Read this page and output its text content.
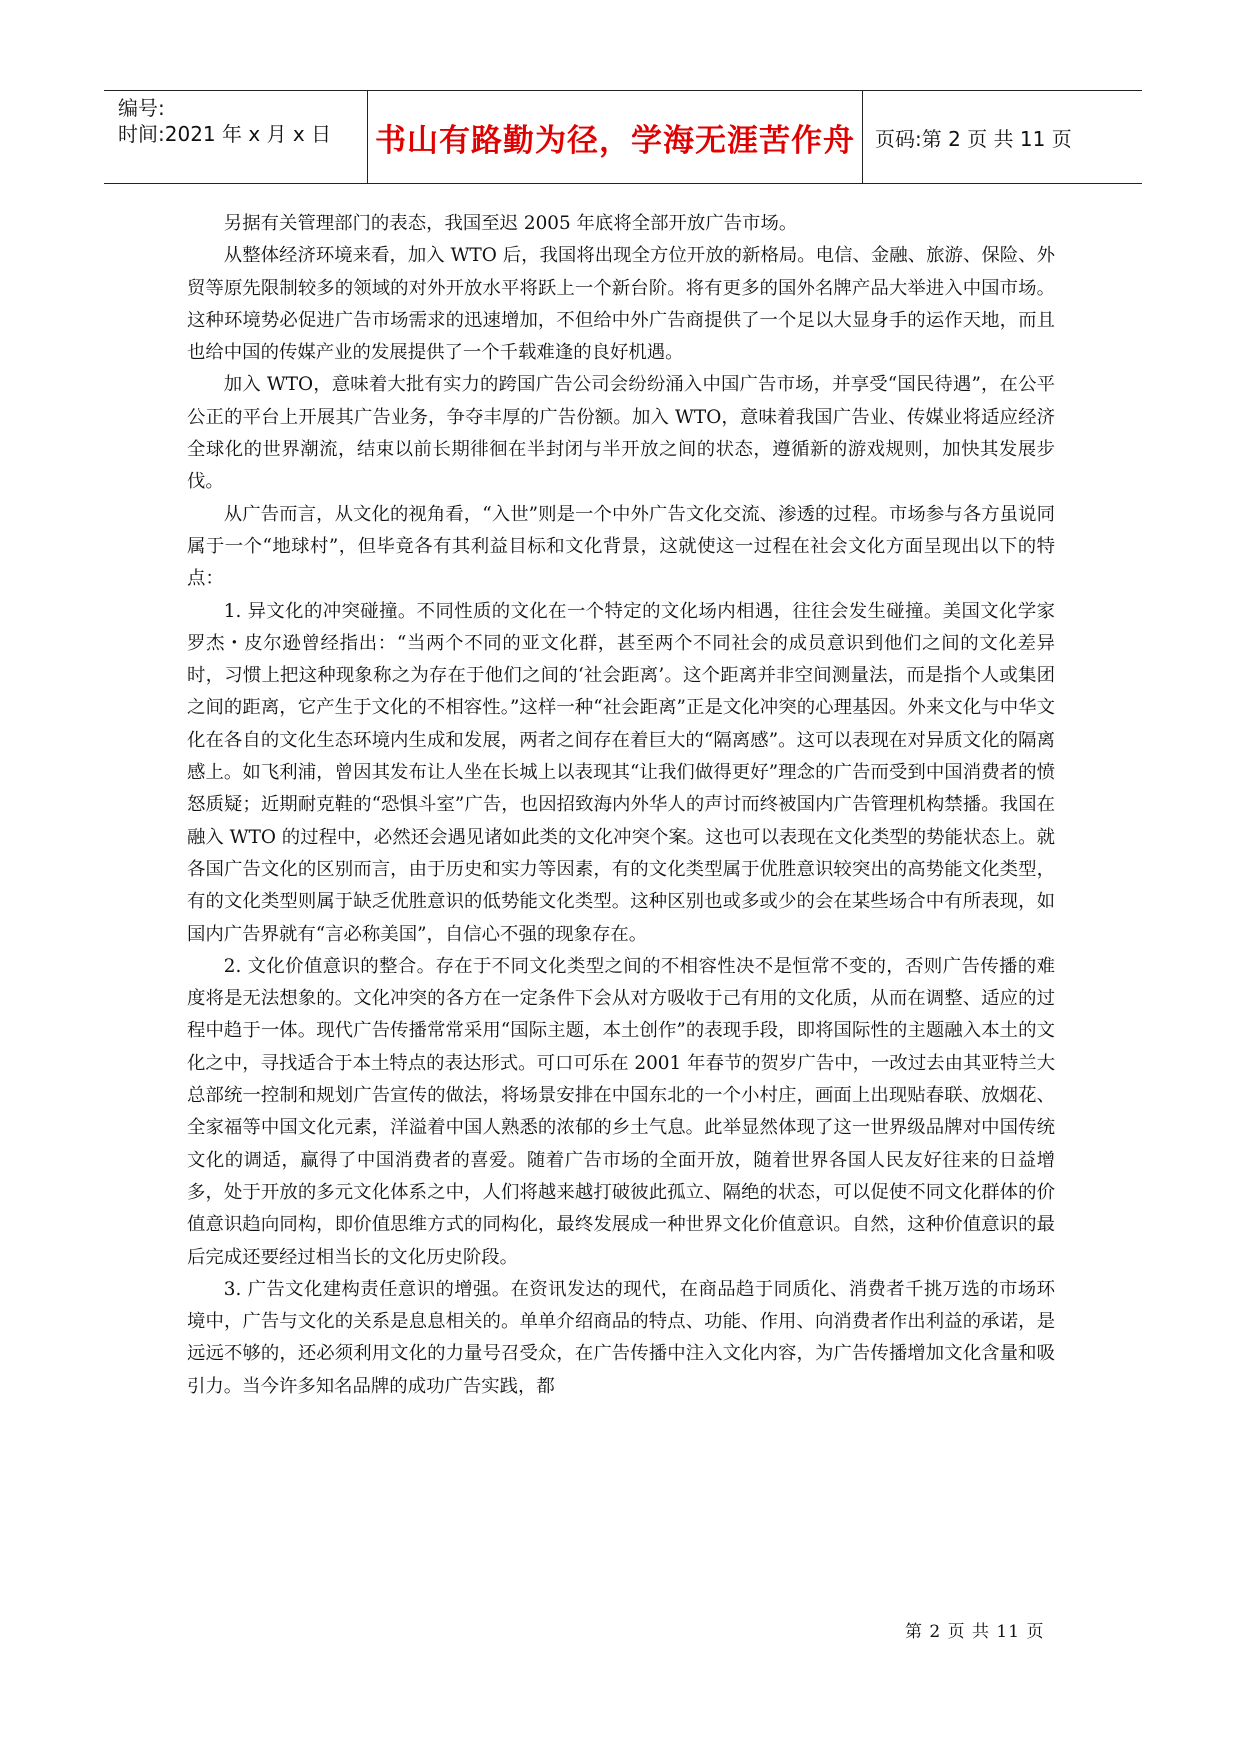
编号:
时间:2021 年 x 月 x 日 书山有路勤为径，学海无涯苦作舟 页码: 第 2 页 共 11 页

另据有关管理部门的表态，我国至迟 2005 年底将全部开放广告市场。

从整体经济环境来看，加入 WTO 后，我国将出现全方位开放的新格局。电信、金融、旅游、保险、外贸等原先限制较多的领域的对外开放水平将跃上一个新台阶。将有更多的国外名牌产品大举进入中国市场。这种环境势必促进广告市场需求的迅速增加，不但给中外广告商提供了一个足以大显身手的运作天地，而且也给中国的传媒产业的发展提供了一个千载难逢的良好机遇。

加入 WTO，意味着大批有实力的跨国广告公司会纷纷涌入中国广告市场，并享受“国民待遇”，在公平公正的平台上开展其广告业务，争夺丰厚的广告份额。加入 WTO，意味着我国广告业、传媒业将适应经济全球化的世界潮流，结束以前长期徘徊在半封闭与半开放之间的状态，遵循新的游戏规则，加快其发展步伐。

从广告而言，从文化的视角看，“入世”则是一个中外广告文化交流、渗透的过程。市场参与各方虽说同属于一个“地球村”，但毕竟各有其利益目标和文化背景，这就使这一过程在社会文化方面呈现出以下的特点：

1. 异文化的冲突碰撞。不同性质的文化在一个特定的文化场内相遇，往往会发生碰撞。美国文化学家罗杰・皮尔逊曾经指出：“当两个不同的亚文化群，甚至两个不同社会的成员意识到他们之间的文化差异时，习惯上把这种现象称之为存在于他们之间的‘社会距离’。这个距离并非空间测量法，而是指个人或集团之间的距离，它产生于文化的不相容性。”这样一种“社会距离”正是文化冲突的心理基因。外来文化与中华文化在各自的文化生态环境内生成和发展，两者之间存在着巨大的“隔离感”。这可以表现在对异质文化的隔离感上。如飞利浦，曾因其发布让人坐在长城上以表现其“让我们做得更好”理念的广告而受到中国消费者的愤怒质疑；近期耐克鞋的“恐惧斗室”广告，也因招致海内外华人的声讨而终被国内广告管理机构禁播。我国在融入 WTO 的过程中，必然还会遇见诸如此类的文化冲突个案。这也可以表现在文化类型的势能状态上。就各国广告文化的区别而言，由于历史和实力等因素，有的文化类型属于优胜意识较突出的高势能文化类型，有的文化类型则属于缺乏优胜意识的低势能文化类型。这种区别也或多或少的会在某些场合中有所表现，如国内广告界就有“言必称美国”，自信心不强的现象存在。

2. 文化价值意识的整合。存在于不同文化类型之间的不相容性决不是恒常不变的，否则广告传播的难度将是无法想象的。文化冲突的各方在一定条件下会从对方吸收于己有用的文化质，从而在调整、适应的过程中趋于一体。现代广告传播常常采用“国际主题，本土创作”的表现手段，即将国际性的主题融入本土的文化之中，寻找适合于本土特点的表达形式。可口可乐在 2001 年春节的贺岁广告中，一改过去由其亚特兰大总部统一控制和规划广告宣传的做法，将场景安排在中国东北的一个小村庄，画面上出现贴春联、放烟花、全家福等中国文化元素，洋溢着中国人熟悉的浓郁的乡土气息。此举显然体现了这一世界级品牌对中国传统文化的调适，赢得了中国消费者的喜爱。随着广告市场的全面开放，随着世界各国人民友好往来的日益增多，处于开放的多元文化体系之中，人们将越来越打破彼此孤立、隔绝的状态，可以促使不同文化群体的价值意识趋向同构，即价值思维方式的同构化，最终发展成一种世界文化价值意识。自然，这种价值意识的最后完成还要经过相当长的文化历史阶段。

3. 广告文化建构责任意识的增强。在资讯发达的现代，在商品趋于同质化、消费者千挑万选的市场环境中，广告与文化的关系是息息相关的。单单介绍商品的特点、功能、作用、向消费者作出利益的承诺，是远远不够的，还必须利用文化的力量号召受众，在广告传播中注入文化内容，为广告传播增加文化含量和吸引力。当今许多知名品牌的成功广告实践，都

第 2 页 共 11 页
